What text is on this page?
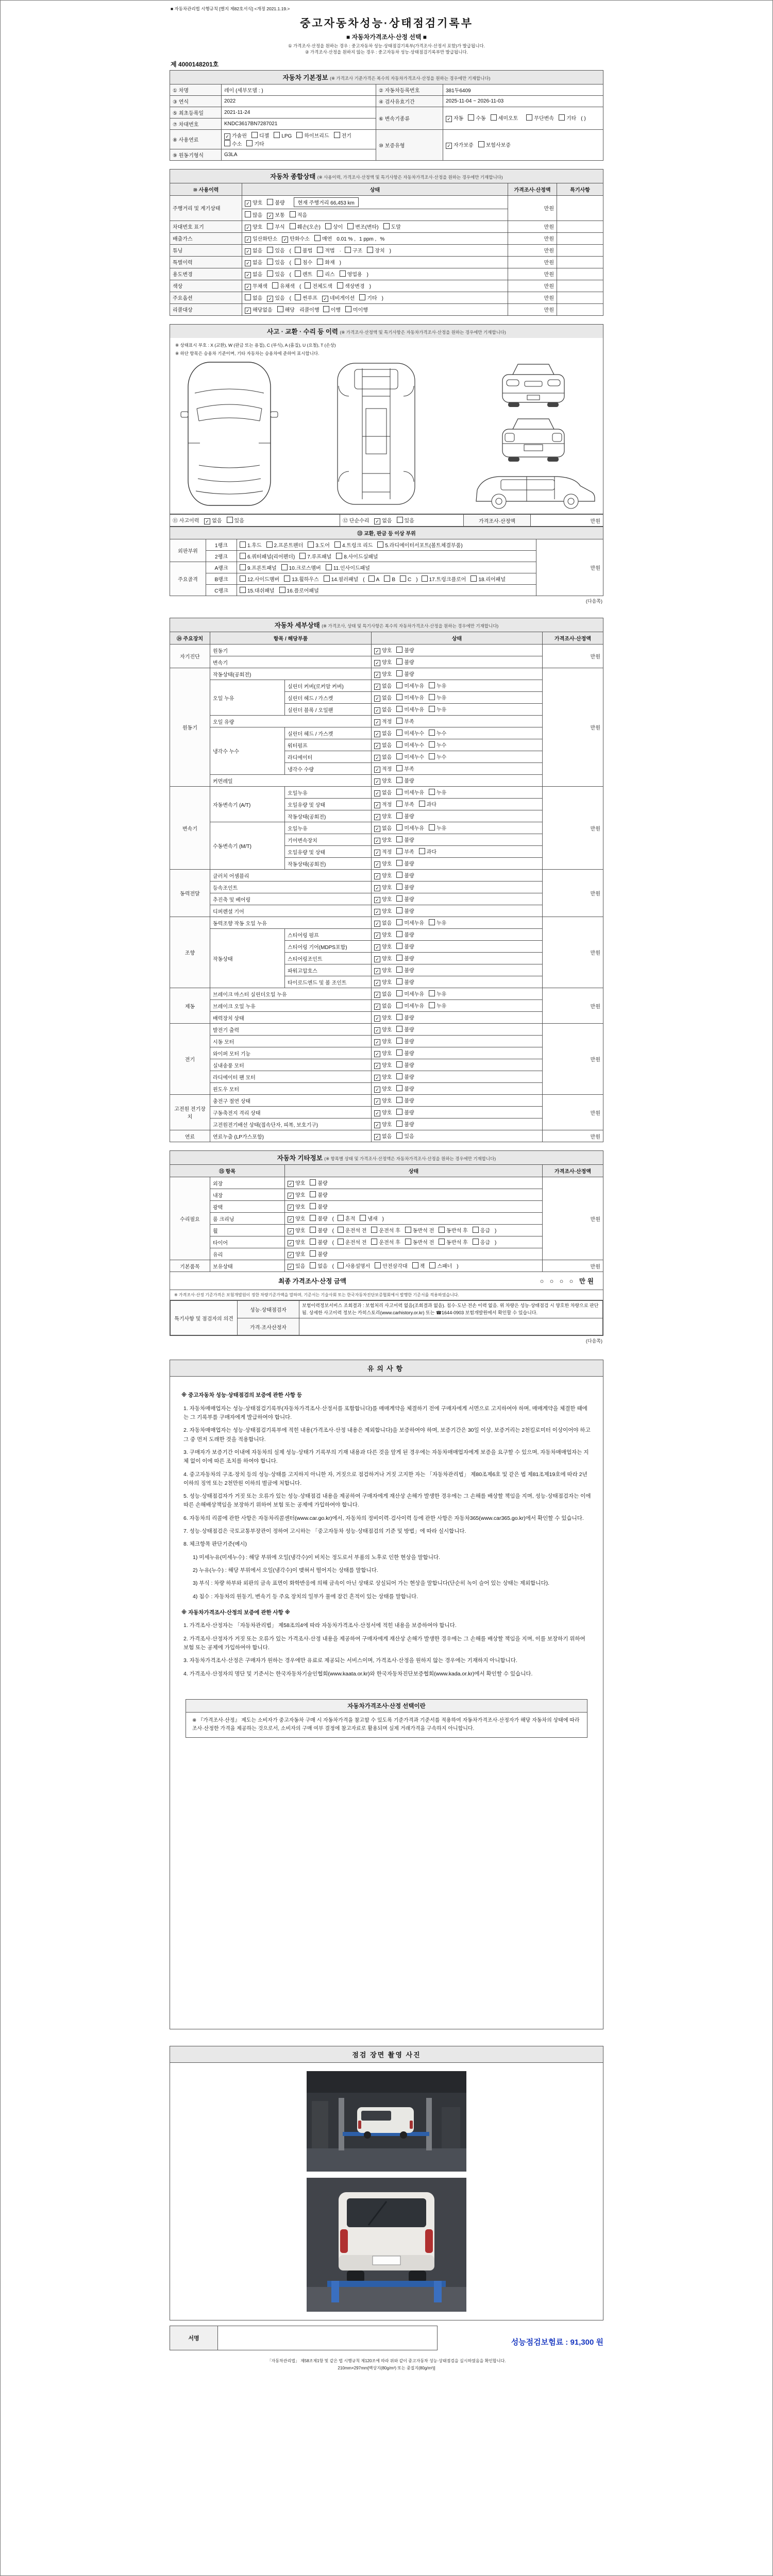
■ 자동차관리법 시행규칙 [별지 제82호서식] <개정 2021.1.19.>
중고자동차성능·상태점검기록부
■ 자동차가격조사·산정 선택 ■
① 가격조사·산정을 원하는 경우 : 중고자동차 성능·상태점검기록부(가격조사·산정서 포함)가 발급됩니다.
② 가격조사·산정을 원하지 않는 경우 : 중고자동차 성능·상태점검기록부만 발급됩니다.
제 4000148201호
자동차 기본정보 (※ 가격조사 기준가격은 복수의 자동차가격조사·산정을 원하는 경우에만 기재합니다)
① 차명	레이 (세부모델 : )	② 자동차등록번호	381두6409
③ 연식	2022	④ 검사유효기간	2025-11-04 ~ 2026-11-03
⑤ 최초등록일	2021-11-24	⑥ 변속기종류	✓ 자동 수동 세미오토 무단변속 기타 ( )
⑦ 차대번호	KNDC3617BN7287021		
⑧ 사용연료	✓ 가솔린 디젤 LPG 하이브리드 전기수소 기타	⑩ 보증유형	✓ 자가보증 보험사보증
⑨ 원동기형식	G3LA		
자동차 종합상태 (※ 사용이력, 가격조사·산정액 및 특기사항은 자동차가격조사·산정을 원하는 경우에만 기재합니다)
⑩ 사용이력	상태	가격조사·산정액	특기사항
주행거리 및 계기상태	✓ 양호 불량 현재 주행거리 66,453 km	만원	
	많음 ✓ 보통 적음		
차대번호 표기	✓ 양호 부식 훼손(오손) 상이 변조(변타) 도말	만원	
배출가스	✓ 일산화탄소 ✓ 탄화수소 매연 0.01 % , 1 ppm , %	만원	
튜닝	✓ 없음 있음 ( 불법 적법 · 구조 장치 )	만원	
특별이력	✓ 없음 있음 ( 침수 화재 )	만원	
용도변경	✓ 없음 있음 ( 렌트 리스 영업용 )	만원	
색상	✓ 무채색 유채색 ( 전체도색 색상변경 )	만원	
주요옵션	없음 ✓ 있음 ( 썬루프 ✓ 네비게이션 기타 )	만원	
리콜대상	✓ 해당없음 해당 리콜이행 이행 미이행	만원	
사고 · 교환 · 수리 등 이력 (※ 가격조사·산정액 및 특기사항은 자동차가격조사·산정을 원하는 경우에만 기재합니다)
※ 상태표시 부호 : X (교환), W (판금 또는 용접), C (부식), A (흠집), U (요철), T (손상)
※ 하단 항목은 승용차 기준이며, 기타 자동차는 승용차에 준하여 표시합니다.
⑪ 사고이력 ✓ 없음 있음	⑫ 단순수리 ✓ 없음 있음	가격조사·산정액	만원
⑬ 교환, 판금 등 이상 부위			
외판부위	1랭크	1.후드 2.프론트펜더 3.도어 4.트렁크 리드 5.라디에이터서포트(볼트체결부품)	만원
	2랭크	6.쿼터패널(리어펜더) 7.루프패널 8.사이드실패널	
주요골격	A랭크	9.프론트패널 10.크로스멤버 11.인사이드패널	
	B랭크	12.사이드멤버 13.휠하우스 14.필러패널 ( A B C ) 17.트렁크플로어 18.리어패널	
	C랭크	15.대쉬패널 16.플로어패널	
(다음쪽)
자동차 세부상태 (※ 가격조사, 상태 및 특기사항은 복수의 자동차가격조사·산정을 원하는 경우에만 기재합니다)
⑭ 주요장치	항목 / 해당부품		상태	가격조사·산정액
자기진단	원동기		✓ 양호 불량	만원
	변속기		✓ 양호 불량	
원동기	작동상태(공회전)		✓ 양호 불량	만원
	오일 누유	실린더 커버(로커암 커버)	✓ 없음 미세누유 누유	
		실린더 헤드 / 가스켓	✓ 없음 미세누유 누유	
		실린더 블록 / 오일팬	✓ 없음 미세누유 누유	
	오일 유량		✓ 적정 부족	
	냉각수 누수	실린더 헤드 / 가스켓	✓ 없음 미세누수 누수	
		워터펌프	✓ 없음 미세누수 누수	
		라디에이터	✓ 없음 미세누수 누수	
		냉각수 수량	✓ 적정 부족	
	커먼레일		✓ 양호 불량	
변속기	자동변속기 (A/T)	오일누유	✓ 없음 미세누유 누유	만원
		오일유량 및 상태	✓ 적정 부족 과다	
		작동상태(공회전)	✓ 양호 불량	
	수동변속기 (M/T)	오일누유	✓ 없음 미세누유 누유	
		기어변속장치	✓ 양호 불량	
		오일유량 및 상태	✓ 적정 부족 과다	
		작동상태(공회전)	✓ 양호 불량	
동력전달	클러치 어셈블리		✓ 양호 불량	만원
	등속조인트		✓ 양호 불량	
	추진축 및 베어링		✓ 양호 불량	
	디퍼렌셜 기어		✓ 양호 불량	
조향	동력조향 작동 오일 누유		✓ 없음 미세누유 누유	만원
	작동상태	스티어링 펌프	✓ 양호 불량	
		스티어링 기어(MDPS포함)	✓ 양호 불량	
		스티어링조인트	✓ 양호 불량	
		파워고압호스	✓ 양호 불량	
		타이로드엔드 및 볼 조인트	✓ 양호 불량	
제동	브레이크 마스터 실린더오일 누유		✓ 없음 미세누유 누유	만원
	브레이크 오일 누유		✓ 없음 미세누유 누유	
	배력장치 상태		✓ 양호 불량	
전기	발전기 출력		✓ 양호 불량	만원
	시동 모터		✓ 양호 불량	
	와이퍼 모터 기능		✓ 양호 불량	
	실내송풍 모터		✓ 양호 불량	
	라디에이터 팬 모터		✓ 양호 불량	
	윈도우 모터		✓ 양호 불량	
고전원 전기장치	충전구 절연 상태		✓ 양호 불량	만원
	구동축전지 격리 상태		✓ 양호 불량	
	고전원전기배선 상태(접속단자, 피복, 보호기구)		✓ 양호 불량	
연료	연료누출 (LP가스포함)		✓ 없음 있음	만원
자동차 기타정보 (※ 항목별 상태 및 가격조사·산정액은 자동차가격조사·산정을 원하는 경우에만 기재합니다)
⑮ 항목		상태	가격조사·산정액
수리필요	외장	✓ 양호 불량	만원
	내장	✓ 양호 불량	
	광택	✓ 양호 불량	
	룸 크리닝	✓ 양호 불량 ( 흔적 냄새 )	
	휠	✓ 양호 불량 ( 운전석 전 운전석 후 동반석 전 동반석 후 응급 )	
	타이어	✓ 양호 불량 ( 운전석 전 운전석 후 동반석 전 동반석 후 응급 )	
	유리	✓ 양호 불량	
기본품목	보유상태	✓ 있음 없음 ( 사용설명서 안전삼각대 잭 스패너 )	만원
최종 가격조사·산정 금액	○ ○ ○ ○ 만원
※ 가격조사·산정 기준가격은 보험개발원이 정한 차량기준가액을 말하며, 기준서는 기술사회 또는 한국자동차진단보증협회에서 발행한 기준서를 적용하였습니다.
특기사항 및 점검자의 의견	성능·상태점검자	보험이력정보서비스 조회결과 : 보험처리 사고이력 없음(조회결과 없음). 침수·도난·전손 이력 없음. 위 차량은 성능·상태점검 시 양호한 차량으로 판단됨. 상세한 사고이력 정보는 카히스토리(www.carhistory.or.kr) 또는 ☎1644-0903 보험개발원에서 확인할 수 있습니다.
	가격·조사산정자	
(다음쪽)
유의사항

※ 중고자동차 성능·상태점검의 보증에 관한 사항 등

1. 자동차매매업자는 성능·상태점검기록부(자동차가격조사·산정서를 포함합니다)를 매매계약을 체결하기 전에 구매자에게 서면으로 고지하여야 하며, 매매계약을 체결한 때에는 그 기록부를 구매자에게 발급하여야 합니다.

2. 자동차매매업자는 성능·상태점검기록부에 적힌 내용(가격조사·산정 내용은 제외합니다)을 보증하여야 하며, 보증기간은 30일 이상, 보증거리는 2천킬로미터 이상이어야 하고 그 중 먼저 도래한 것을 적용합니다.

3. 구매자가 보증기간 이내에 자동차의 실제 성능·상태가 기록부의 기재 내용과 다른 것을 알게 된 경우에는 자동차매매업자에게 보증을 요구할 수 있으며, 자동차매매업자는 지체 없이 이에 따른 조치를 하여야 합니다.

4. 중고자동차의 구조·장치 등의 성능·상태를 고지하지 아니한 자, 거짓으로 점검하거나 거짓 고지한 자는 「자동차관리법」 제80조제6호 및 같은 법 제81조제19호에 따라 2년 이하의 징역 또는 2천만원 이하의 벌금에 처합니다.

5. 성능·상태점검자가 거짓 또는 오류가 있는 성능·상태점검 내용을 제공하여 구매자에게 재산상 손해가 발생한 경우에는 그 손해를 배상할 책임을 지며, 성능·상태점검자는 이에 따른 손해배상책임을 보장하기 위하여 보험 또는 공제에 가입하여야 합니다.

6. 자동차의 리콜에 관한 사항은 자동차리콜센터(www.car.go.kr)에서, 자동차의 정비이력·검사이력 등에 관한 사항은 자동차365(www.car365.go.kr)에서 확인할 수 있습니다.

7. 성능·상태점검은 국토교통부장관이 정하여 고시하는 「중고자동차 성능·상태점검의 기준 및 방법」에 따라 실시합니다.

8. 체크항목 판단기준(예시)

1) 미세누유(미세누수) : 해당 부위에 오일(냉각수)이 비치는 정도로서 부품의 노후로 인한 현상을 말합니다.

2) 누유(누수) : 해당 부위에서 오일(냉각수)이 맺혀서 떨어지는 상태를 말합니다.

3) 부식 : 차량 하부와 외판의 금속 표면이 화학반응에 의해 금속이 아닌 상태로 상실되어 가는 현상을 말합니다(단순히 녹이 슬어 있는 상태는 제외합니다).

4) 침수 : 자동차의 원동기, 변속기 등 주요 장치의 일부가 물에 잠긴 흔적이 있는 상태를 말합니다.

※ 자동차가격조사·산정의 보증에 관한 사항 ※

1. 가격조사·산정자는 「자동차관리법」 제58조의4에 따라 자동차가격조사·산정서에 적힌 내용을 보증하여야 합니다.

2. 가격조사·산정자가 거짓 또는 오류가 있는 가격조사·산정 내용을 제공하여 구매자에게 재산상 손해가 발생한 경우에는 그 손해를 배상할 책임을 지며, 이를 보장하기 위하여 보험 또는 공제에 가입하여야 합니다.

3. 자동차가격조사·산정은 구매자가 원하는 경우에만 유료로 제공되는 서비스이며, 가격조사·산정을 원하지 않는 경우에는 기재하지 아니합니다.

4. 가격조사·산정자의 명단 및 기준서는 한국자동차기술인협회(www.kaata.or.kr)와 한국자동차진단보증협회(www.kada.or.kr)에서 확인할 수 있습니다.

자동차가격조사·산정 선택이란
※ 『가격조사·산정』 제도는 소비자가 중고자동차 구매 시 자동차가격을 참고할 수 있도록 기준가격과 기준서를 적용하여 자동차가격조사·산정자가 해당 자동차의 상태에 따라 조사·산정한 가격을 제공하는 것으로서, 소비자의 구매 여부 결정에 참고자료로 활용되며 실제 거래가격을 구속하지 아니합니다.
점검 장면 촬영 사진
서명		성능점검보험료 : 91,300 원
「자동차관리법」 제58조제1항 및 같은 법 시행규칙 제120조에 따라 위와 같이 중고자동차 성능·상태점검을 실시하였음을 확인합니다.
210mm×297mm[백상지(80g/m²) 또는 중질지(80g/m²)]
